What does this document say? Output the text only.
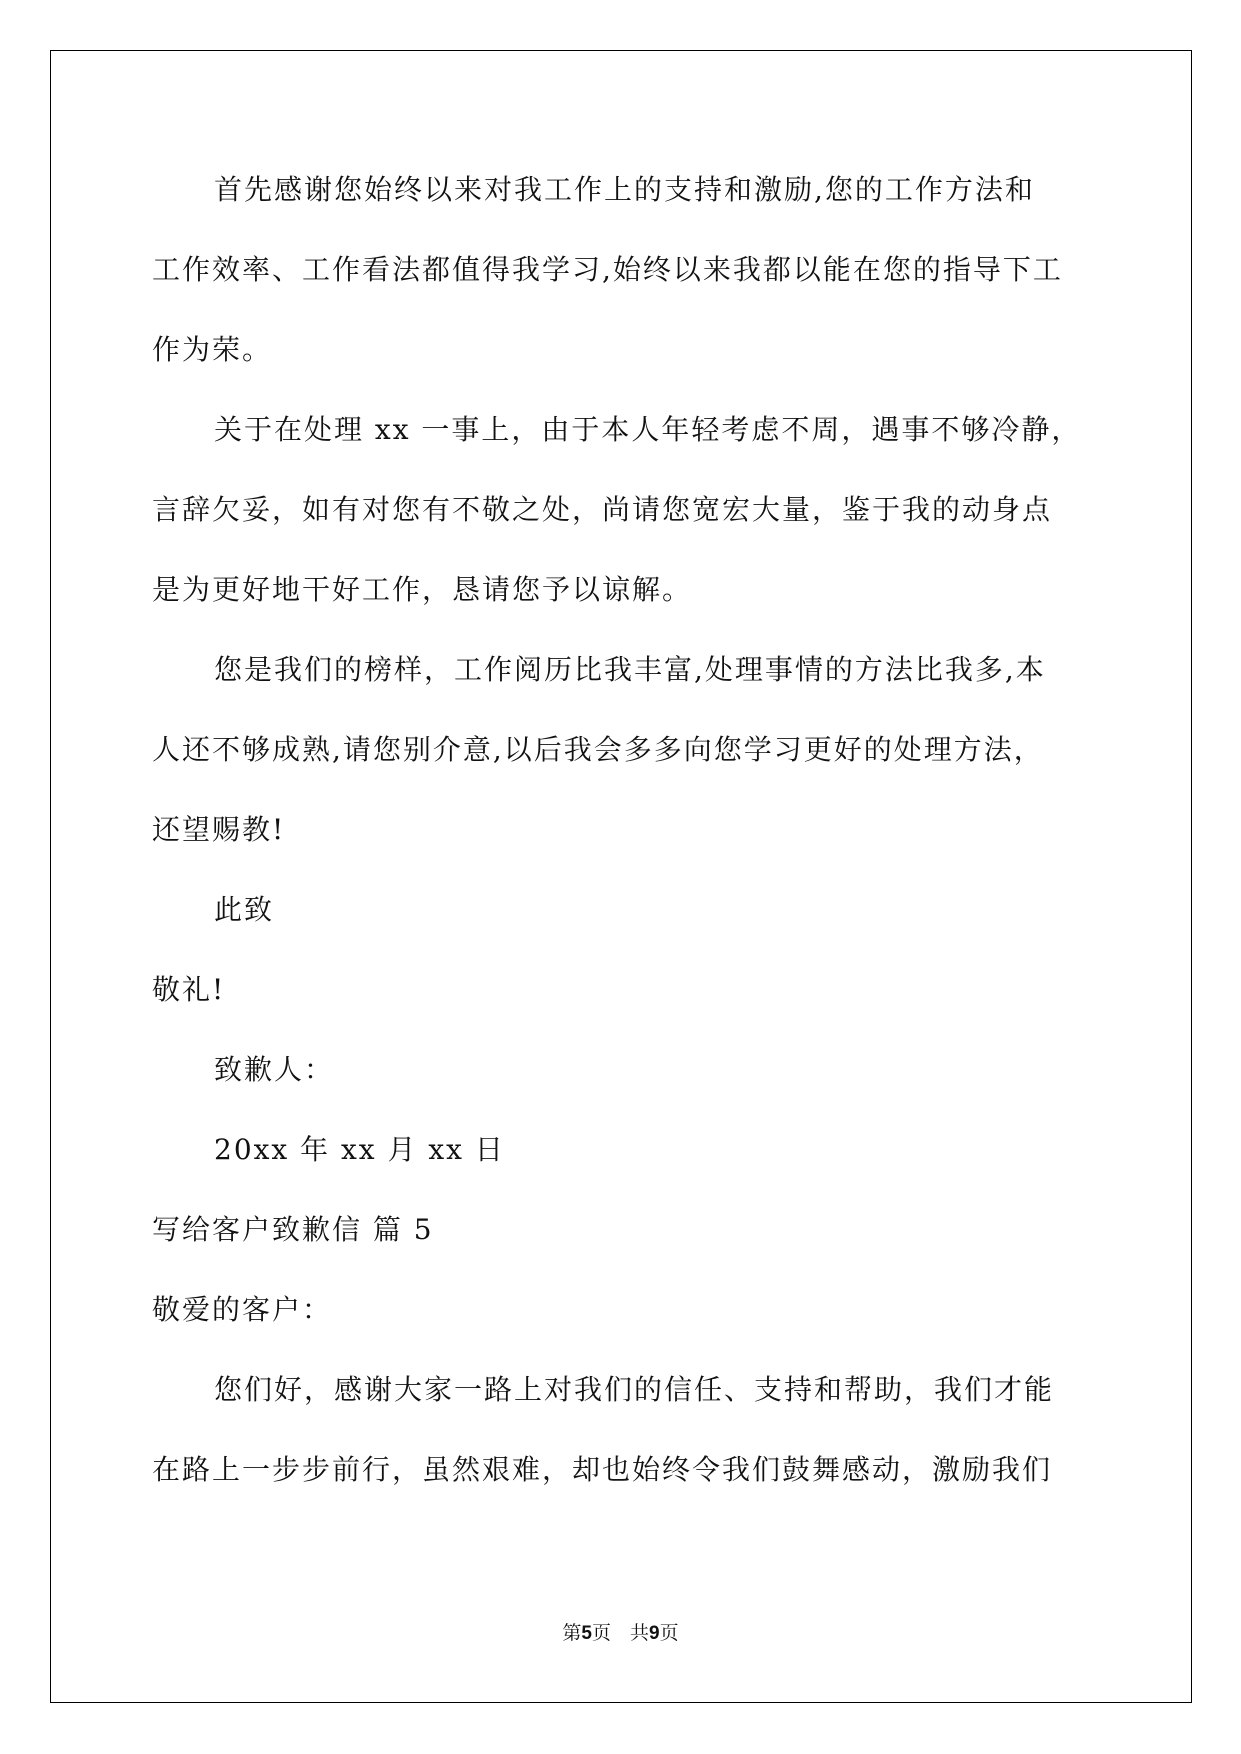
首先感谢您始终以来对我工作上的支持和激励,您的工作方法和
工作效率、工作看法都值得我学习,始终以来我都以能在您的指导下工
作为荣。
关于在处理 xx 一事上，由于本人年轻考虑不周，遇事不够冷静，
言辞欠妥，如有对您有不敬之处，尚请您宽宏大量，鉴于我的动身点
是为更好地干好工作，恳请您予以谅解。
您是我们的榜样，工作阅历比我丰富,处理事情的方法比我多,本
人还不够成熟,请您别介意,以后我会多多向您学习更好的处理方法，
还望赐教!
此致
敬礼!
致歉人：
20xx 年 xx 月 xx 日
写给客户致歉信 篇 5
敬爱的客户：
您们好，感谢大家一路上对我们的信任、支持和帮助，我们才能
在路上一步步前行，虽然艰难，却也始终令我们鼓舞感动，激励我们
第5页　共9页
